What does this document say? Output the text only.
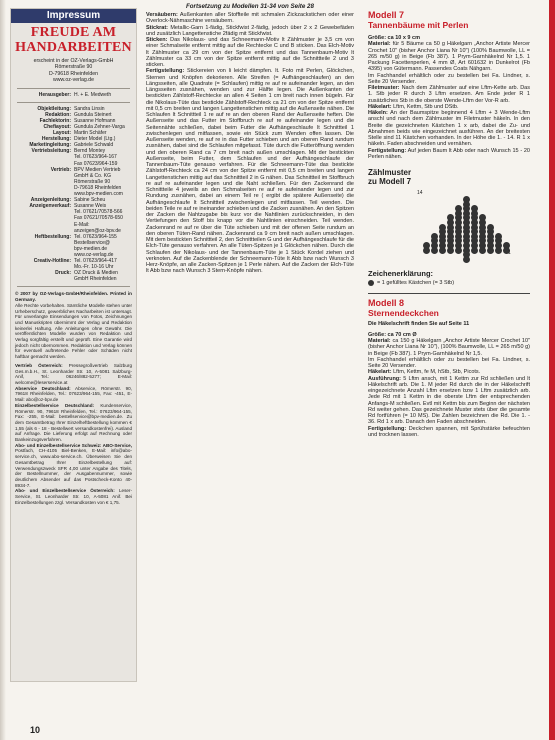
Impressum
FREUDE AM
HANDARBEITEN
erscheint in der OZ-Verlags-GmbH
Römerstraße 90
D-79618 Rheinfelden
www.oz-verlag.de
Herausgeber: H. + E. Medweth
Objektleitung: Sandra Linsin
Redaktion: Gundula Steinert
Fachlektorin: Susanne Hofmann
Chefiayout: Gundula Zehner-Varga
Layout: Martin Schäfer
Herstellung: Dieter Model (Ltg.)
Marketingleitung: Gabriele Schwald
Vertriebsleitung: Bernd Montey
Tel. 07623/964-167
Fax 07623/964-159
Vertrieb: BPV Medien Vertrieb
GmbH & Co. KG
Römerstraße 90
D-79618 Rheinfelden
www.bpv-medien.com
Anzeigenleitung: Sabine Scheu
Anzeigenverkauf: Susanne Weis
Tel. 07621/70578-566
Fax 07621/70578-650
E-Mail:
anzeigen@oz-bpv.de
Heftbestellung: Tel. 07623/964-155
Bestellservice@
bpv-medien.de
www.oz-verlag.de
Creativ-Hotline: Tel. 07623/964-417
Mo.-Fr. 10-16 Uhr
Druck: OZ Druck & Medien
GmbH Rheinfelden
© 2007 by OZ-Verlags-GmbH/Rheinfelden. Printed in Germany.
Alle Rechte vorbehalten. Sämtliche Modelle stehen unter Urheberschutz, gewerbliches Nacharbeiten ist untersagt. Für unverlangte Einsendungen von Fotos, Zeichnungen und Manuskripten übernimmt der Verlag und Redaktion keinerlei Haftung. Alle Anleitungen ohne Gewähr. Die veröffentlichten Modelle wurden von Redaktion und Verlag sorgfältig erstellt und geprüft. Eine Garantie wird jedoch nicht übernommen. Redaktion und Verlag können für eventuell auftretende Fehler oder Schäden nicht haftbar gemacht werden.
Vertrieb Österreich: Pressegroßvertrieb Salzburg Ges.m.b.H., St. Leonharder Str. 10, A-5081 Salzburg-Anif, Tel.: 06246/882-5277; E-Mail: welcome@leserservice.at
Abservice Deutschland: Abservice, Römerstr. 90, 79618 Rheinfelden, Tel.: 07623/964-155, Fax: -451, E-Mail: abo@oz-bpv.de
Einzelbestellservice Deutschland: Kundenservice, Römerstr. 90, 79618 Rheinfelden, Tel.: 07623/964-155, Fax: -255, E-Mail: bestellservice@bpv-medien.de. Zu dem Gesamtbetrag Ihrer Einzelheftbestellung kommen € 1,55 (als 6 - 18 - Bestellwert versandkostenfrei). Ausland auf Anfrage. Die Lieferung erfolgt auf Rechnung oder Bankeinzugsverfahren.
Abo- und Einzelbestellservice Schweiz: ABO-Service, Postfach, CH-4105 Biel-Benken, E-Mail: info@abo-service.ch, www.abo-service.ch. Überweisen Sie den Gesamtbetrag Ihrer Einzelbestellung auf: Verwendungszweck SFR 4,00 unter Angabe des Titels, der Bestellnummer, der Ausgabennummer, sowie deutlichem Absender auf das Postscheck-Konto 40-8934-7.
Abo- und Einzelbestellservice Österreich: Leser-Service, St. Leonharder Str. 10, A-5081 Anif. Bei Einzelbestellungen zzgl. Versandkosten von € 1,75.
Fortsetzung zu Modellen 31-34 von Seite 28
Versäubern: Außenkanten aller Stoffteile mit schmalen Zickzackstichen oder einer Overlock-Nähmaschine versäubern.
Stickrat: Metallic-Garn 1-fädig, Stickfwist 2-fädig, jedoch über 2 x 2 Gewebefäden und zusätzlich Langettenstiche 2fädig mit Stickfwist.
Sticken: Das Nikolaus- und das Schneemann-Motiv lt Zählmuster je 3,5 cm von einer Schmalseite entfernt mittig auf die Rechtecke C und B sticken. Das Elch-Motiv lt Zählmuster ca 29 cm von der Spitze entfernt und das Tannenbaum-Motiv lt Zählmuster ca 33 cm von der Spitze entfernt mittig auf die Schnittteile 2 und 3 sticken.
Fertigstellung: Stickereien von li leicht dämpfen. lt. Foto mit Perlen, Glöckchen, Sternen und Knöpfen dekorieren. Alle Streifen (= Aufhängeschlaufen) an den Längsseiten, alle Quadrate (= Schlaufen) mittig re auf re aufeinander legen, an den Längsseiten zusnähen, wenden und zur Hälfte legen. Die Außenkanten der bestickten Zählstoff-Rechtecke an allen 4 Seiten 1 cm breit nach innen bügeln. Für die Nikolaus-Tüte das bestickte Zählstoff-Rechteck ca 21 cm von der Spitze entfernt mit 0,5 cm breiten und langen Langettenstichen mittig auf die Außenseite nähen. Die Schlaufen lt Schnittteil 1 re auf re an den oberen Rand der Außenseite heften. Die Außenseite und das Futter im Stoffbruch re auf re aufeinander legen und die Seitennähte schließen, dabei beim Futter die Aufhängeschlaufe lt Schnittteil 1 zwischenlegen und mitfassen, sowie ein Stück zum Wenden offen lassen. Die Außenseite wenden, re auf re in das Futter schieben und am oberen Rand rundum zusnähen, dabei sind die Schlaufen mitgefasst. Tüte durch die Futteröffnung wenden und den oberen Rand ca 7 cm breit nach außen umschlagen. Mit der bestickten Außenseite, beim Futter, dem Schlaufen und der Aufhängeschlaufe der Tannenbaum-Tüte genauso verfahren. Für die Schneemann-Tüte das bestickte Zählstoff-Rechteck ca 24 cm von der Spitze entfernt mit 0,5 cm breiten und langen Langettenstichen mittig auf das Schnittteil 2 in G nähen. Das Schnittteil im Stoffbruch re auf re aufeinander legen und die Naht schließen. Für den Zackenrand die Schnittteile 4 jeweils an den Schmalseiten re auf re aufeinander legen und zur Rundung zusnähen, dabei an einem Teil re ( ergibt die spätere Außenseite) die Aufhängeschlaufe lt Schnittteil zwischenlegen und mitfassen. Teil wenden. Die beiden Teile re auf re ineinander schieben und die Zacken zusnähen. An den Spitzen der Zacken die Nahtzugabe bis kurz vor die Nahtlinien zurückschneiden, in den Vertiefungen den Stoff bis knapp vor die Nahtlinien einschneiden. Teil wenden. Zackenrand re auf re über die Tüte schieben und mit der offenen Seite rundum an den oberen Tüten-Rand nähen. Zackenrand ca 9 cm breit nach außen umschlagen. Mit dem bestickten Schnittteil 2, den Schnittteilen G und der Aufhängeschlaufe für die Elch-Tüte genauso verfahren. An alle Tüten-Spitzen je 1 Glöckchen nähen. Durch die Schlaufen der Nikolaus- und der Tannenbaum-Tüte je 1 Stück Kordel ziehen und verknoten. Auf die Zackenblende der Schneemann-Tüte lt Abb bzw nach Wunsch 3 Herz-Knöpfe, an alle Zacken-Spitzen je 1 Perle nähen. Auf die Zacken der Elch-Tüte lt Abb bzw nach Wunsch 3 Stern-Knöpfe nähen.
Modell 7
Tannenbäume mit Perlen
Größe: ca 10 x 9 cm
Material: für 5 Bäume ca 50 g Häkelgarn „Anchor Artiste Mercer Crochet 10" (bisher Anchor Liana Nr 10") (100% Baumwolle, LL = 265 m/50 g) in Beige (Fb 387). 1 Prym-Garnhäkelnd Nr 1,5. 1 Packung Facettenperlen, 4 mm Ø, Art 601632 in Dunkelrot (Fb 4395) von Gütermann. Passendes Coats Nähgarn.
Im Fachhandel erhältlich oder zu bestellen bei Fa. Lindner, s. Seite 20 Versender.
Filetmuster: Nach dem Zählmuster auf eine Lftm-Kette arb. Das 1. Stb jeder R durch 3 Lftm ersetzen. Am Ende jeder R 1 zusätzliches Stb in die oberste Wende-Lftm der Vor-R arb.
Häkelart: Lftm, Kettm, Stb und DStb.
Häkeln: An der Baumspitze beginnend 4 Lftm + 3 Wende-Lftm anschl und nach dem Zählmuster im Filetmuster häkeln. In den Breite die gezeichneten Kästchen 1 x arb, dabei die Zu- und Abnahmen beids wie eingezeichnet ausführen. An der breitesten Stelle sind 11 Kästchen vorhanden. In der Höhe die 1. - 14. R 1 x häkeln. Faden abschneiden und vernähen.
Fertigstellung: Auf jeden Baum lt Abb oder nach Wunsch 15 - 20 Perlen nähen.
Zählmuster
zu Modell 7
14
1
Zeichenerklärung:
= 1 gefülltes Kästchen (= 3 Stb)
Modell 8
Sternendeckchen
Die Häkelschrift finden Sie auf Seite 11
Größe: ca 70 cm Ø
Material: ca 150 g Häkelgarn „Anchor Artiste Mercer Crochet 10" (bisher Anchor Liana Nr 10"), (100% Baumwolle, LL = 265 m/50 g) in Beige (Fb 387). 1 Prym-Garnhäkelnd Nr 1,5.
Im Fachhandel erhältlich oder zu bestellen bei Fa. Lindner, s. Seite 20 Versender.
Häkelart: Lftm, Kettm, fe M, hStb, Stb, Picots.
Ausführung: 5 Lftm ansch, mit 1 Kettm zur Rd schließen und lt Häkelschrift arb. Die 1. M jeder Rd durch die in der Häkelschrift eingezeichnete Anzahl Lftm ersetzen bzw 1 Lftm zusätzlich arb. Jede Rd mit 1 Kettm in die oberste Lftm der entsprechenden Anfangs-M schließen. Evtl mit Kettm bis zum Beginn der nächsten Rd weiter gehen. Das gezeichnete Muster stets über die gesamte Rd fortführen (= 10 MS). Die Zahlen bezeichnen die Rd. Die 1. - 36. Rd 1 x arb. Danach den Faden abschneiden.
Fertigstellung: Deckchen spannen, mit Sprühstärke befeuchten und trocknen lassen.
10
